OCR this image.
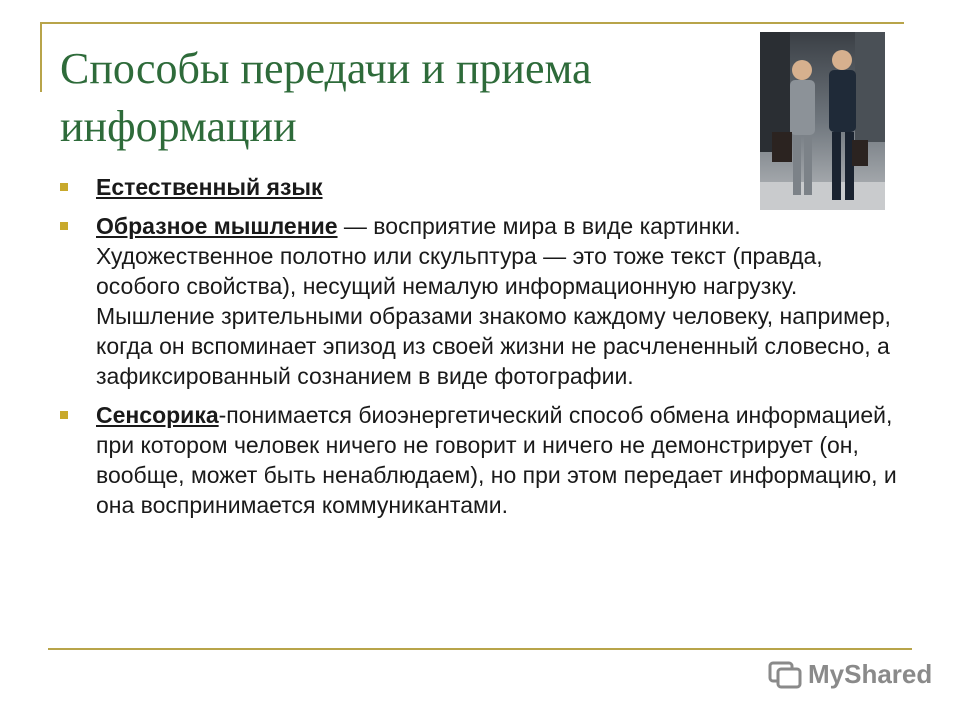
Способы передачи и приема информации
Естественный язык
Образное мышление — восприятие мира в виде картинки. Художественное полотно или скульптура — это тоже текст (правда, особого свойства), несущий немалую информационную нагрузку. Мышление зрительными образами знакомо каждому человеку, например, когда он вспоминает эпизод из своей жизни не расчлененный словесно, а зафиксированный сознанием в виде фотографии.
Сенсорика-понимается биоэнергетический способ обмена информацией, при котором человек ничего не говорит и ничего не демонстрирует (он, вообще, может быть ненаблюдаем), но при этом передает информацию, и она воспринимается коммуникантами.
MyShared
